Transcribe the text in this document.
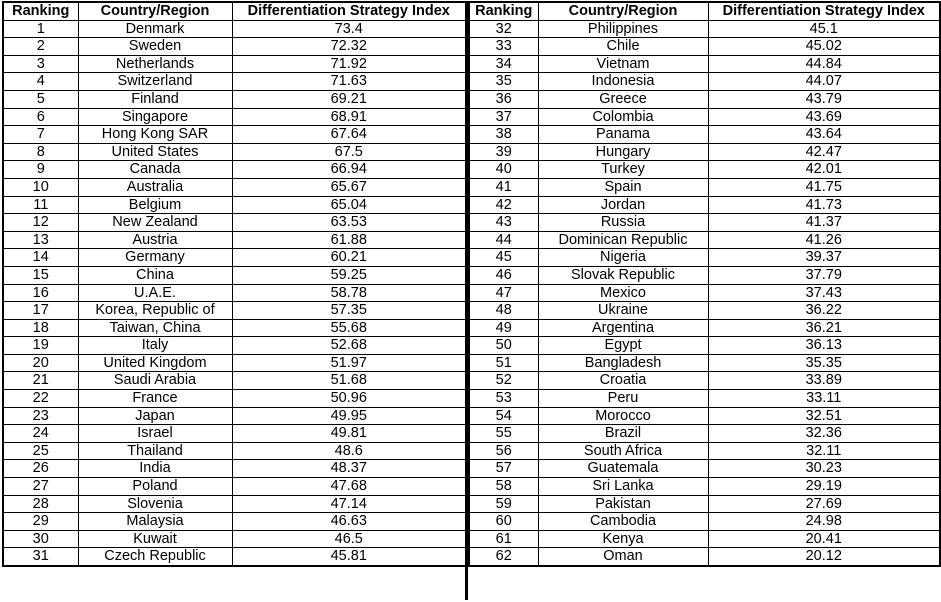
Ranking	Country/Region	Differentiation Strategy Index
1	Denmark	73.4
2	Sweden	72.32
3	Netherlands	71.92
4	Switzerland	71.63
5	Finland	69.21
6	Singapore	68.91
7	Hong Kong SAR	67.64
8	United States	67.5
9	Canada	66.94
10	Australia	65.67
11	Belgium	65.04
12	New Zealand	63.53
13	Austria	61.88
14	Germany	60.21
15	China	59.25
16	U.A.E.	58.78
17	Korea, Republic of	57.35
18	Taiwan, China	55.68
19	Italy	52.68
20	United Kingdom	51.97
21	Saudi Arabia	51.68
22	France	50.96
23	Japan	49.95
24	Israel	49.81
25	Thailand	48.6
26	India	48.37
27	Poland	47.68
28	Slovenia	47.14
29	Malaysia	46.63
30	Kuwait	46.5
31	Czech Republic	45.81
Ranking	Country/Region	Differentiation Strategy Index
32	Philippines	45.1
33	Chile	45.02
34	Vietnam	44.84
35	Indonesia	44.07
36	Greece	43.79
37	Colombia	43.69
38	Panama	43.64
39	Hungary	42.47
40	Turkey	42.01
41	Spain	41.75
42	Jordan	41.73
43	Russia	41.37
44	Dominican Republic	41.26
45	Nigeria	39.37
46	Slovak Republic	37.79
47	Mexico	37.43
48	Ukraine	36.22
49	Argentina	36.21
50	Egypt	36.13
51	Bangladesh	35.35
52	Croatia	33.89
53	Peru	33.11
54	Morocco	32.51
55	Brazil	32.36
56	South Africa	32.11
57	Guatemala	30.23
58	Sri Lanka	29.19
59	Pakistan	27.69
60	Cambodia	24.98
61	Kenya	20.41
62	Oman	20.12
